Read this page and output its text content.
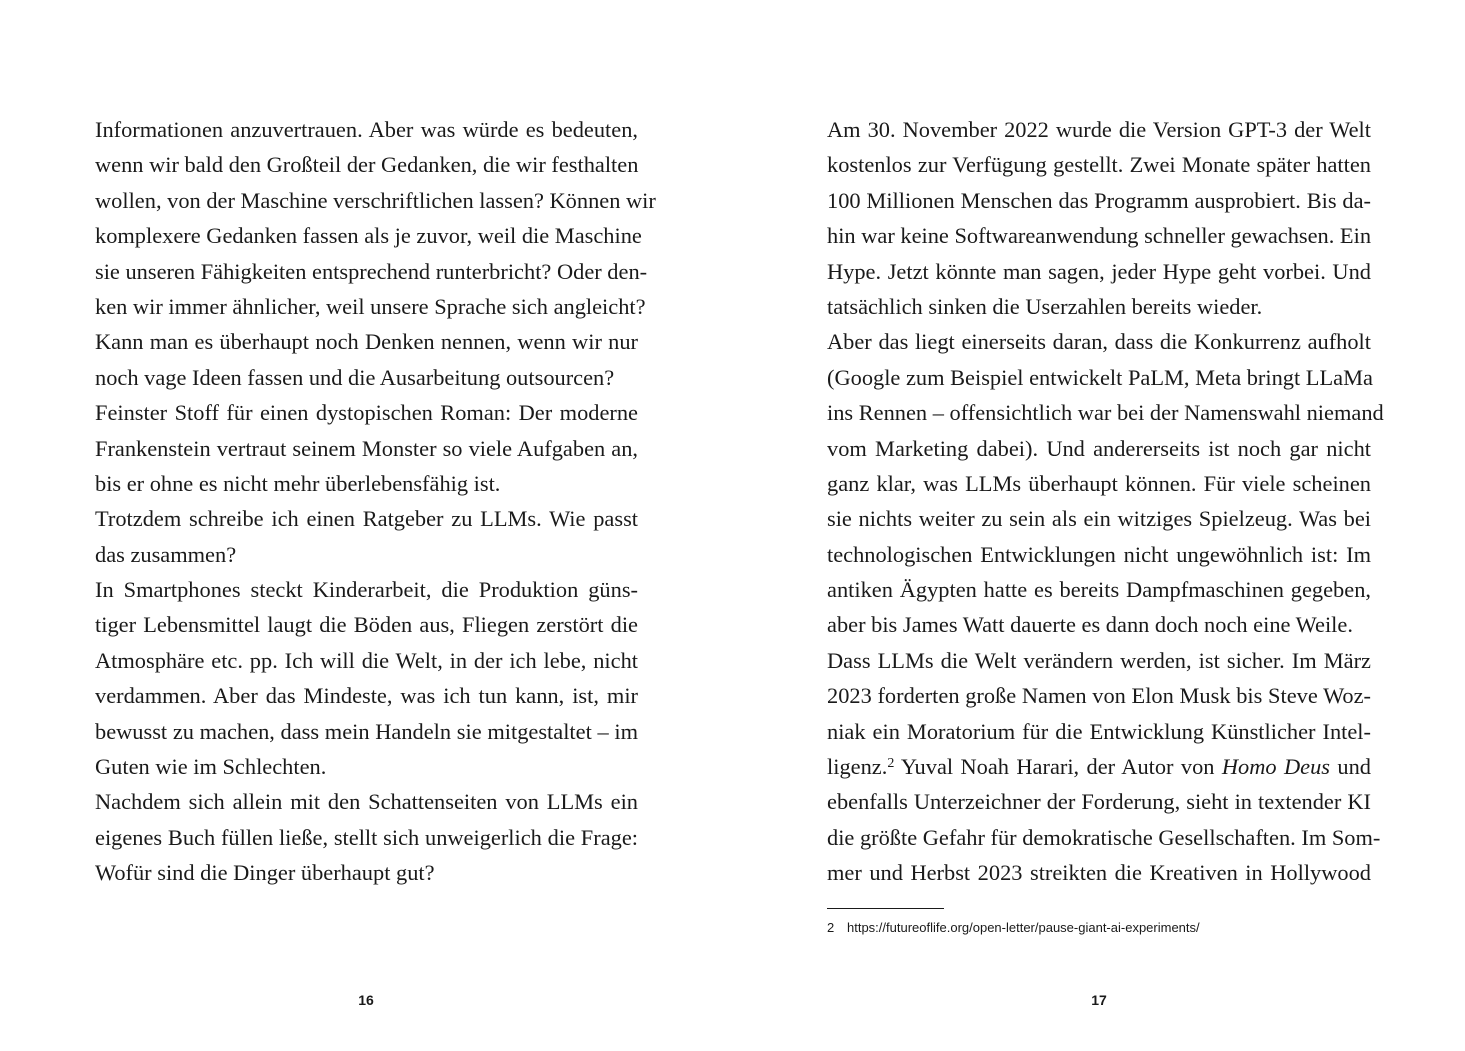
Informationen anzuvertrauen. Aber was würde es bedeuten,
wenn wir bald den Großteil der Gedanken, die wir festhalten
wollen, von der Maschine verschriftlichen lassen? Können wir
komplexere Gedanken fassen als je zuvor, weil die Maschine
sie unseren Fähigkeiten entsprechend runterbricht? Oder den-
ken wir immer ähnlicher, weil unsere Sprache sich angleicht?
Kann man es überhaupt noch Denken nennen, wenn wir nur
noch vage Ideen fassen und die Ausarbeitung outsourcen?
Feinster Stoff für einen dystopischen Roman: Der moderne
Frankenstein vertraut seinem Monster so viele Aufgaben an,
bis er ohne es nicht mehr überlebensfähig ist.
Trotzdem schreibe ich einen Ratgeber zu LLMs. Wie passt
das zusammen?
In Smartphones steckt Kinderarbeit, die Produktion güns-
tiger Lebensmittel laugt die Böden aus, Fliegen zerstört die
Atmosphäre etc. pp. Ich will die Welt, in der ich lebe, nicht
verdammen. Aber das Mindeste, was ich tun kann, ist, mir
bewusst zu machen, dass mein Handeln sie mitgestaltet – im
Guten wie im Schlechten.
Nachdem sich allein mit den Schattenseiten von LLMs ein
eigenes Buch füllen ließe, stellt sich unweigerlich die Frage:
Wofür sind die Dinger überhaupt gut?
16
Am 30. November 2022 wurde die Version GPT-3 der Welt
kostenlos zur Verfügung gestellt. Zwei Monate später hatten
100 Millionen Menschen das Programm ausprobiert. Bis da-
hin war keine Softwareanwendung schneller gewachsen. Ein
Hype. Jetzt könnte man sagen, jeder Hype geht vorbei. Und
tatsächlich sinken die Userzahlen bereits wieder.
Aber das liegt einerseits daran, dass die Konkurrenz aufholt
(Google zum Beispiel entwickelt PaLM, Meta bringt LLaMa
ins Rennen – offensichtlich war bei der Namenswahl niemand
vom Marketing dabei). Und andererseits ist noch gar nicht
ganz klar, was LLMs überhaupt können. Für viele scheinen
sie nichts weiter zu sein als ein witziges Spielzeug. Was bei
technologischen Entwicklungen nicht ungewöhnlich ist: Im
antiken Ägypten hatte es bereits Dampfmaschinen gegeben,
aber bis James Watt dauerte es dann doch noch eine Weile.
Dass LLMs die Welt verändern werden, ist sicher. Im März
2023 forderten große Namen von Elon Musk bis Steve Woz-
niak ein Moratorium für die Entwicklung Künstlicher Intel-
ligenz.$^2$ Yuval Noah Harari, der Autor von Homo Deus und
ebenfalls Unterzeichner der Forderung, sieht in textender KI
die größte Gefahr für demokratische Gesellschaften. Im Som-
mer und Herbst 2023 streikten die Kreativen in Hollywood
2 https://futureoflife.org/open-letter/pause-giant-ai-experiments/
17
